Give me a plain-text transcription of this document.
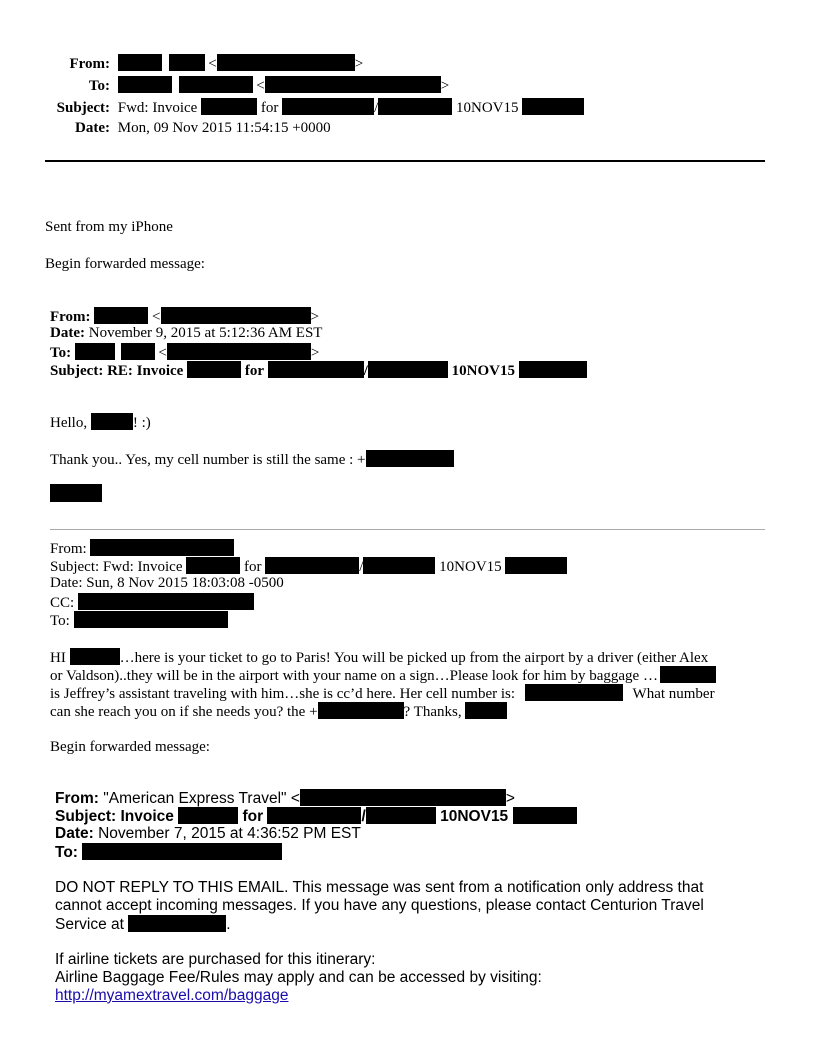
From:	<	>
To:	<	>
Subject: Fwd: Invoice	for	/	10NOV15
Date: Mon, 09 Nov 2015 11:54:15 +0000
Sent from my iPhone
Begin forwarded message:
From:	<	>
Date: November 9, 2015 at 5:12:36 AM EST
To:	<	>
Subject: RE: Invoice	for	/	10NOV15
Hello,	! :)
Thank you.. Yes, my cell number is still the same : +
From:
Subject: Fwd: Invoice	for	/	10NOV15
Date: Sun, 8 Nov 2015 18:03:08 -0500
CC:
To:
HI	…here is your ticket to go to Paris! You will be picked up from the airport by a driver (either Alex
or Valdson)..they will be in the airport with your name on a sign…Please look for him by baggage …
is Jeffrey’s assistant traveling with him…she is cc’d here. Her cell number is:	What number
can she reach you on if she needs you? the +	? Thanks,
Begin forwarded message:
From: "American Express Travel" <	>
Subject: Invoice	for	/	10NOV15
Date: November 7, 2015 at 4:36:52 PM EST
To:
DO NOT REPLY TO THIS EMAIL. This message was sent from a notification only address that
cannot accept incoming messages. If you have any questions, please contact Centurion Travel
Service at	.
If airline tickets are purchased for this itinerary:
Airline Baggage Fee/Rules may apply and can be accessed by visiting:
http://myamextravel.com/baggage
